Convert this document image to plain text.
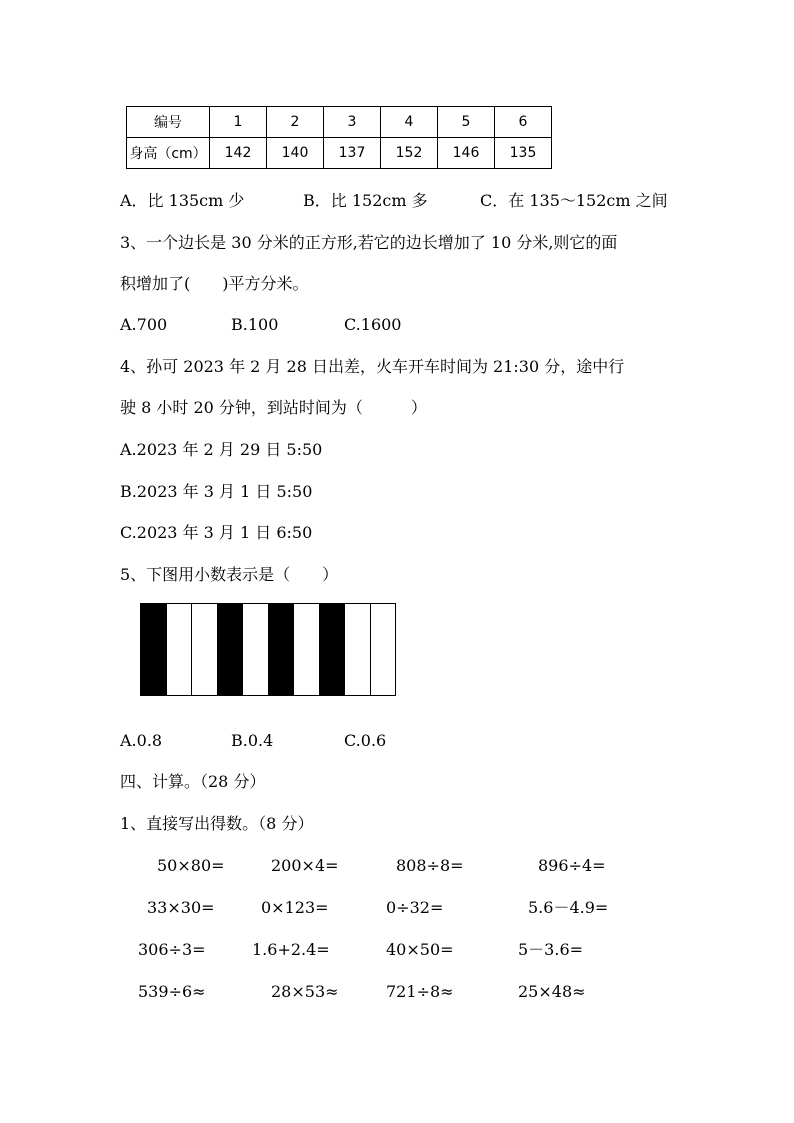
编号	1	2	3	4	5	6
身高（cm）	142	140	137	152	146	135
A．比 135cm 少	B．比 152cm 多	C．在 135～152cm 之间
3、一个边长是 30 分米的正方形,若它的边长增加了 10 分米,则它的面
积增加了(　　)平方分米。
A.700	B.100	C.1600
4、孙可 2023 年 2 月 28 日出差，火车开车时间为 21:30 分，途中行
驶 8 小时 20 分钟，到站时间为（　　　）
A.2023 年 2 月 29 日 5:50
B.2023 年 3 月 1 日 5:50
C.2023 年 3 月 1 日 6:50
5、下图用小数表示是（　　）
A.0.8	B.0.4	C.0.6
四、计算。（28 分）
1、直接写出得数。（8 分）
50×80=	200×4=	808÷8=	896÷4=
33×30=	0×123=	0÷32=	5.6－4.9=
306÷3=	1.6+2.4=	40×50=	5－3.6=
539÷6≈	28×53≈	721÷8≈	25×48≈
